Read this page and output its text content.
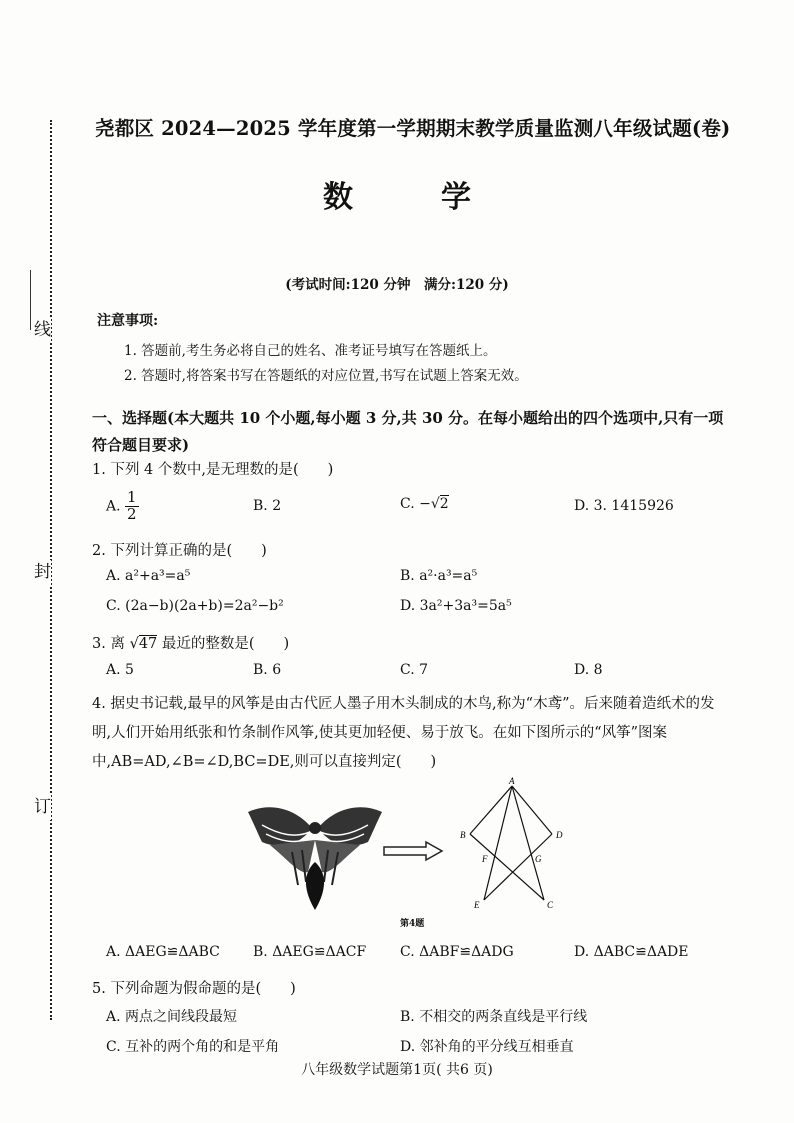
线
封
订
尧都区 2024—2025 学年度第一学期期末教学质量监测八年级试题(卷)
数	学
(考试时间:120 分钟　满分:120 分)
注意事项:
1. 答题前,考生务必将自己的姓名、准考证号填写在答题纸上。
2. 答题时,将答案书写在答题纸的对应位置,书写在试题上答案无效。
一、选择题(本大题共 10 个小题,每小题 3 分,共 30 分。在每小题给出的四个选项中,只有一项符合题目要求)
1. 下列 4 个数中,是无理数的是(　　)
A. $\frac{1}{2}$	B. 2	C. −√2	D. 3. 1415926
2. 下列计算正确的是(　　)
A. a²+a³=a⁵	B. a²·a³=a⁵
C. (2a−b)(2a+b)=2a²−b²	D. 3a²+3a³=5a⁵
3. 离 √47 最近的整数是(　　)
A. 5	B. 6	C. 7	D. 8
4. 据史书记载,最早的风筝是由古代匠人墨子用木头制成的木鸟,称为“木鸢”。后来随着造纸术的发明,人们开始用纸张和竹条制作风筝,使其更加轻便、易于放飞。在如下图所示的“风筝”图案中,AB=AD,∠B=∠D,BC=DE,则可以直接判定(　　)
A
B	D
F	G
E	C
第4题
A. ΔAEG≌ΔABC B. ΔAEG≌ΔACF C. ΔABF≌ΔADG	D. ΔABC≌ΔADE
5. 下列命题为假命题的是(　　)
A. 两点之间线段最短	B. 不相交的两条直线是平行线
C. 互补的两个角的和是平角	D. 邻补角的平分线互相垂直
八年级数学试题第1页( 共6 页)
